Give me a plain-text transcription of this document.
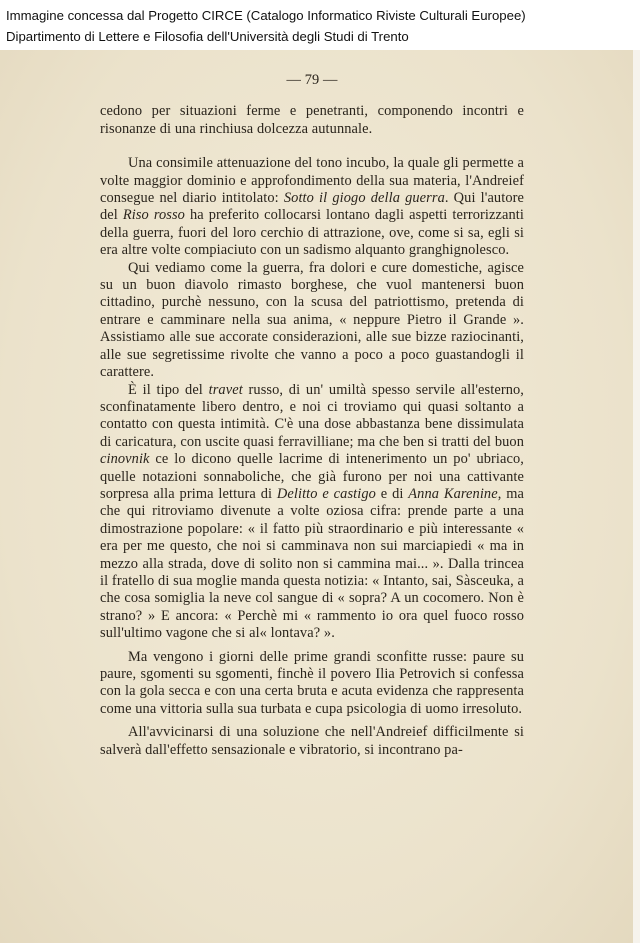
Immagine concessa dal Progetto CIRCE (Catalogo Informatico Riviste Culturali Europee)
Dipartimento di Lettere e Filosofia dell'Università degli Studi di Trento
— 79 —

cedono per situazioni ferme e penetranti, componendo incontri e risonanze di una rinchiusa dolcezza autunnale.

Una consimile attenuazione del tono incubo, la quale gli permette a volte maggior dominio e approfondimento della sua materia, l'Andreief consegue nel diario intitolato: Sotto il giogo della guerra. Qui l'autore del Riso rosso ha preferito collocarsi lontano dagli aspetti terrorizzanti della guerra, fuori del loro cerchio di attrazione, ove, come si sa, egli si era altre volte compiaciuto con un sadismo alquanto granghignolesco.

Qui vediamo come la guerra, fra dolori e cure domestiche, agisce su un buon diavolo rimasto borghese, che vuol mantenersi buon cittadino, purchè nessuno, con la scusa del patriottismo, pretenda di entrare e camminare nella sua anima, « neppure Pietro il Grande ». Assistiamo alle sue accorate considerazioni, alle sue bizze raziocinanti, alle sue segretissime rivolte che vanno a poco a poco guastandogli il carattere.

È il tipo del travet russo, di un' umiltà spesso servile all'esterno, sconfinatamente libero dentro, e noi ci troviamo qui quasi soltanto a contatto con questa intimità. C'è una dose abbastanza bene dissimulata di caricatura, con uscite quasi ferravilliane; ma che ben si tratti del buon cinovnik ce lo dicono quelle lacrime di intenerimento un po' ubriaco, quelle notazioni sonnaboliche, che già furono per noi una cattivante sorpresa alla prima lettura di Delitto e castigo e di Anna Karenine, ma che qui ritroviamo divenute a volte oziosa cifra: prende parte a una dimostrazione popolare: « il fatto più straordinario e più interessante « era per me questo, che noi si camminava non sui marciapiedi « ma in mezzo alla strada, dove di solito non si cammina mai... ». Dalla trincea il fratello di sua moglie manda questa notizia: « Intanto, sai, Sàsceuka, a che cosa somiglia la neve col sangue di « sopra? A un cocomero. Non è strano? » E ancora: « Perchè mi « rammento io ora quel fuoco rosso sull'ultimo vagone che si al« lontava? ».

Ma vengono i giorni delle prime grandi sconfitte russe: paure su paure, sgomenti su sgomenti, finchè il povero Ilia Petrovich si confessa con la gola secca e con una certa bruta e acuta evidenza che rappresenta come una vittoria sulla sua turbata e cupa psicologia di uomo irresoluto.

All'avvicinarsi di una soluzione che nell'Andreief difficilmente si salverà dall'effetto sensazionale e vibratorio, si incontrano pa-
